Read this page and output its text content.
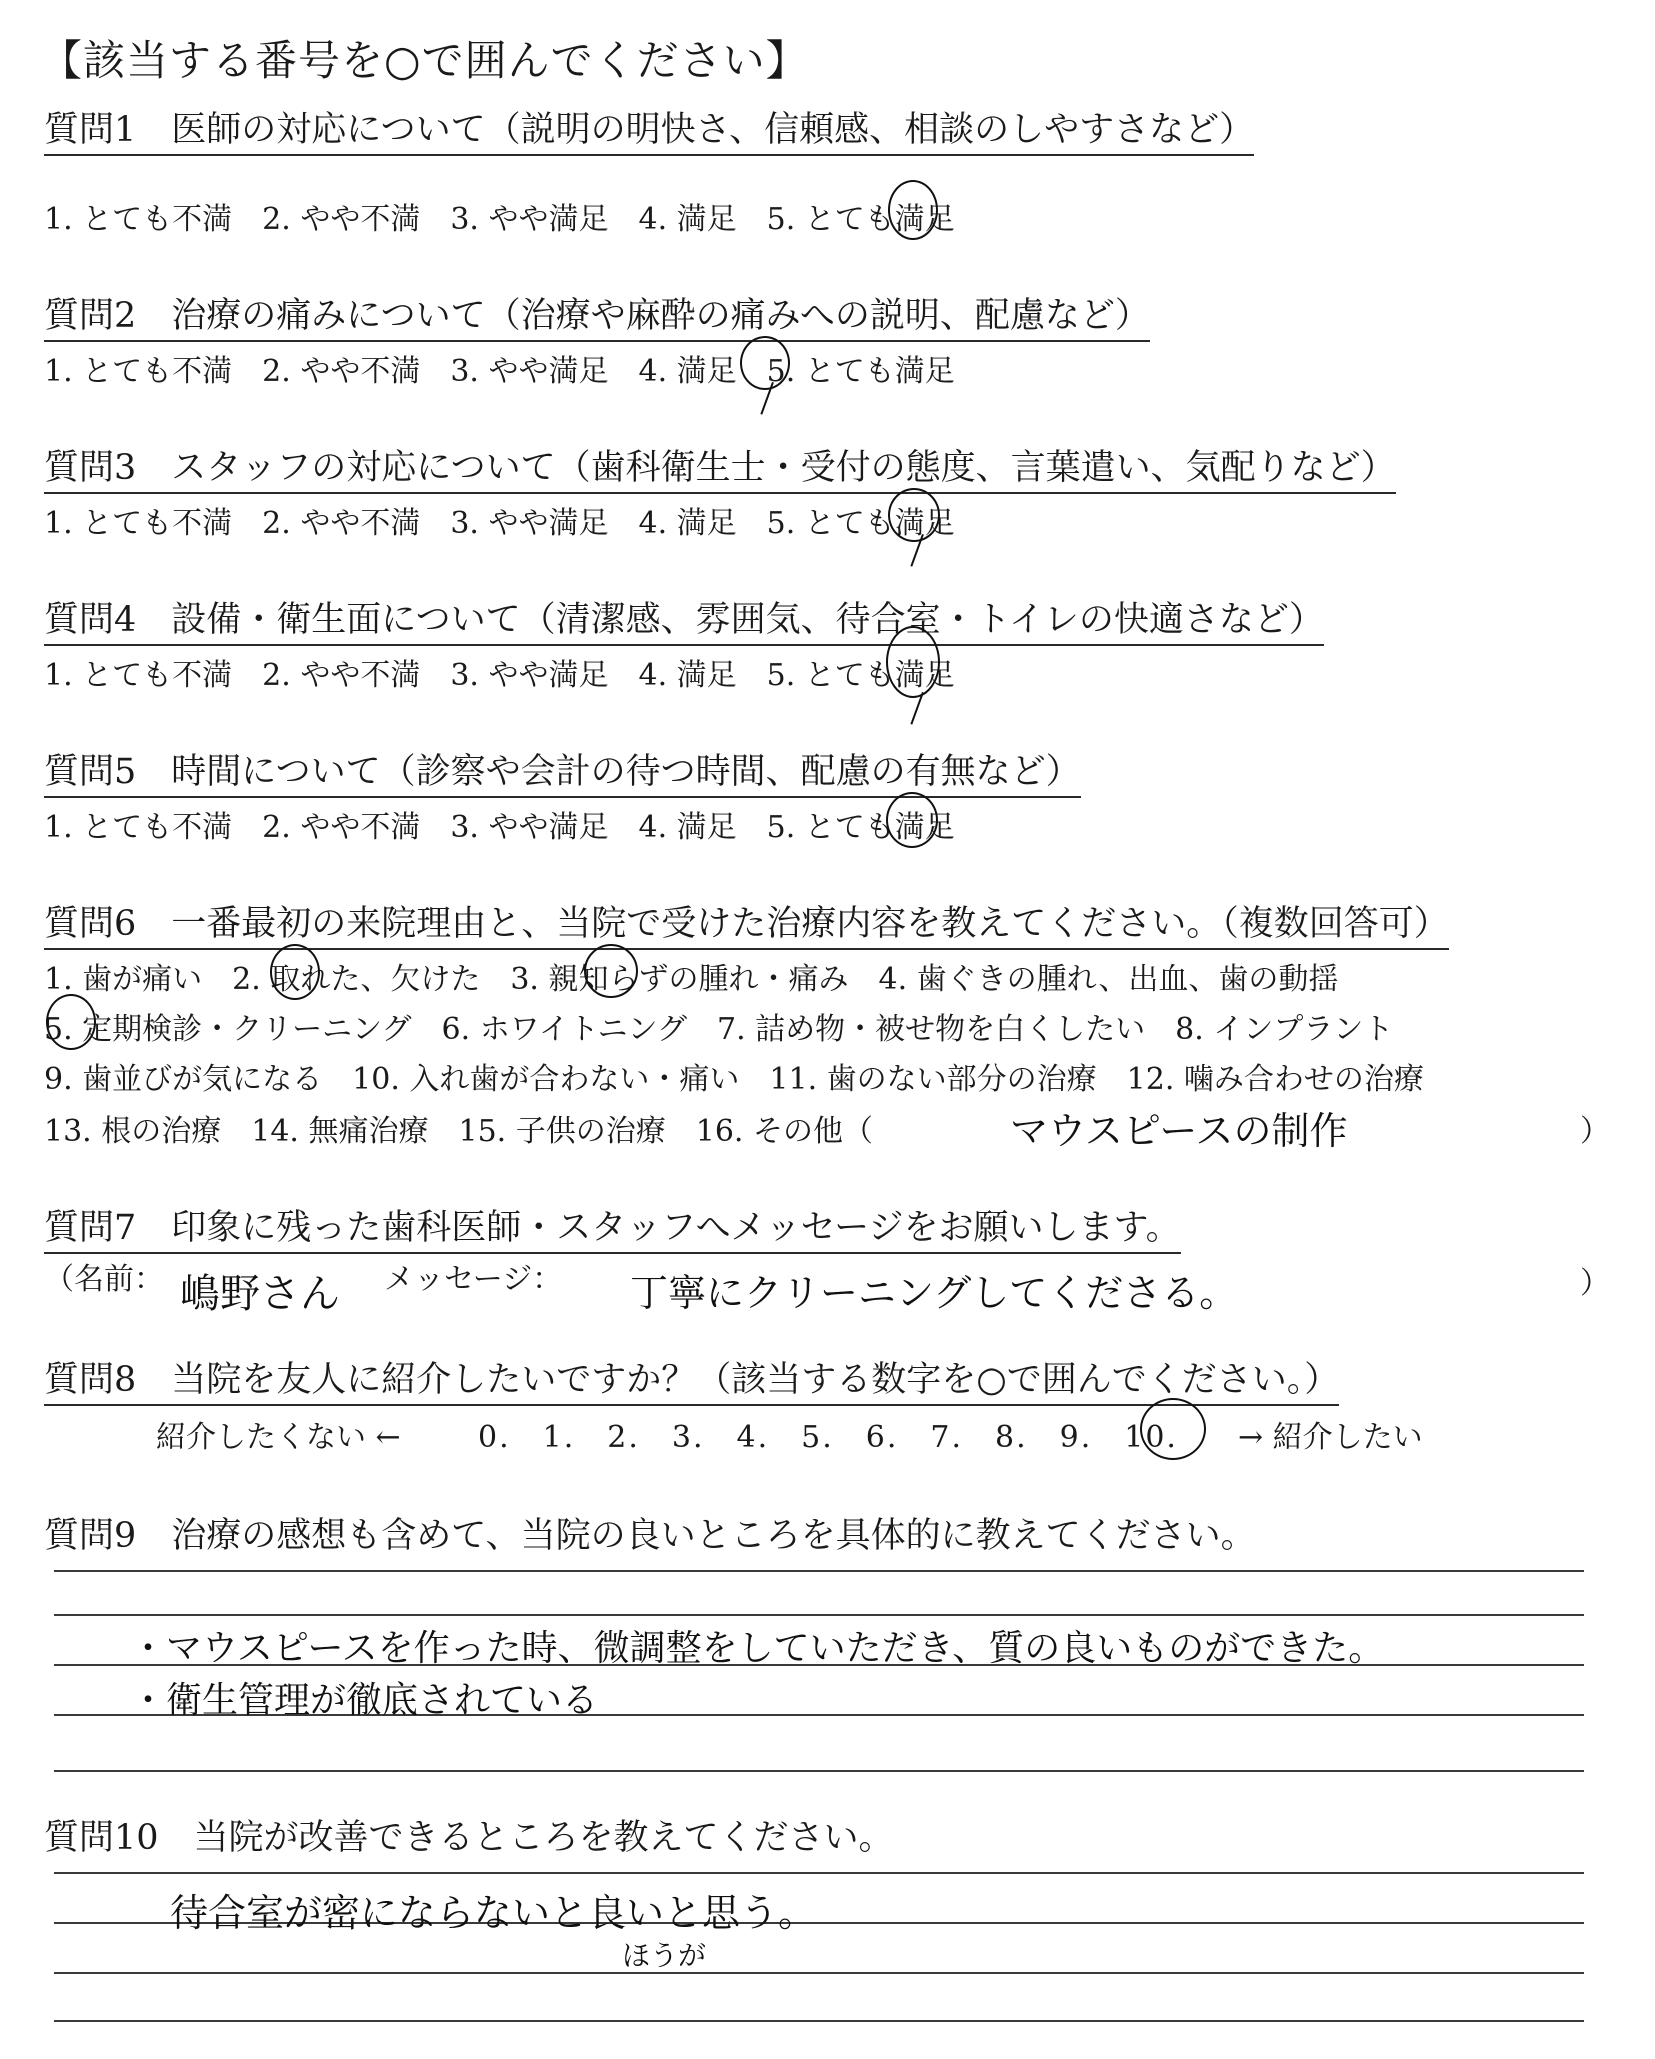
【該当する番号を○で囲んでください】
質問1　医師の対応について（説明の明快さ、信頼感、相談のしやすさなど）
1. とても不満　2. やや不満　3. やや満足　4. 満足　5. とても満足
質問2　治療の痛みについて（治療や麻酔の痛みへの説明、配慮など）
1. とても不満　2. やや不満　3. やや満足　4. 満足　5. とても満足
質問3　スタッフの対応について（歯科衛生士・受付の態度、言葉遣い、気配りなど）
1. とても不満　2. やや不満　3. やや満足　4. 満足　5. とても満足
質問4　設備・衛生面について（清潔感、雰囲気、待合室・トイレの快適さなど）
1. とても不満　2. やや不満　3. やや満足　4. 満足　5. とても満足
質問5　時間について（診察や会計の待つ時間、配慮の有無など）
1. とても不満　2. やや不満　3. やや満足　4. 満足　5. とても満足
質問6　一番最初の来院理由と、当院で受けた治療内容を教えてください。（複数回答可）
1. 歯が痛い　2. 取れた、欠けた　3. 親知らずの腫れ・痛み　4. 歯ぐきの腫れ、出血、歯の動揺
5. 定期検診・クリーニング　6. ホワイトニング　7. 詰め物・被せ物を白くしたい　8. インプラント
9. 歯並びが気になる　10. 入れ歯が合わない・痛い　11. 歯のない部分の治療　12. 噛み合わせの治療
13. 根の治療　14. 無痛治療　15. 子供の治療　16. その他（	マウスピースの制作	）
質問7　印象に残った歯科医師・スタッフへメッセージをお願いします。
（名前： 嶋野さん メッセージ： 丁寧にクリーニングしてくださる。	）
質問8　当院を友人に紹介したいですか？（該当する数字を○で囲んでください。）
紹介したくない ←	0.　1.　2.　3.　4.　5.　6.　7.　8.　9.　10. → 紹介したい
質問9　治療の感想も含めて、当院の良いところを具体的に教えてください。
・マウスピースを作った時、微調整をしていただき、質の良いものができた。
・衛生管理が徹底されている
質問10　当院が改善できるところを教えてください。
待合室が密にならないと良いと思う。
ほうが
